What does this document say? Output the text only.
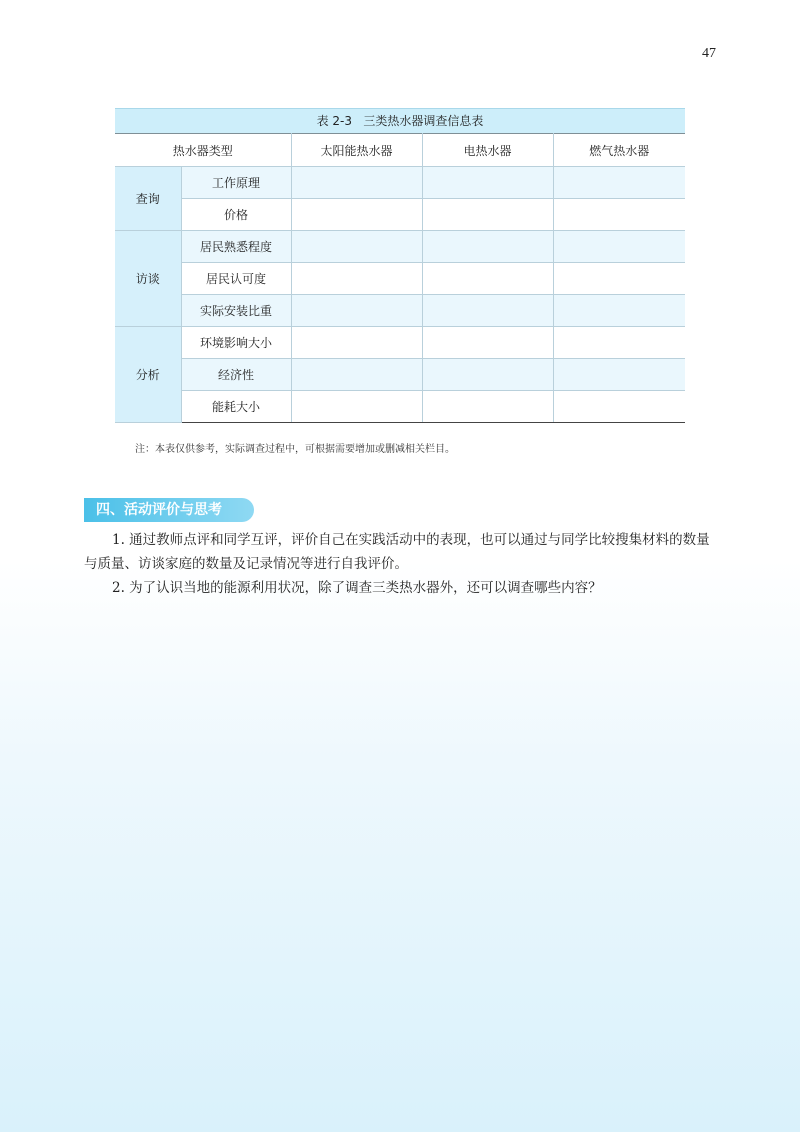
47
表 2-3   三类热水器调查信息表
热水器类型		太阳能热水器	电热水器	燃气热水器
查询	工作原理			
	价格			
访谈	居民熟悉程度			
	居民认可度			
	实际安装比重			
分析	环境影响大小			
	经济性			
	能耗大小			
注：本表仅供参考，实际调查过程中，可根据需要增加或删减相关栏目。
四、活动评价与思考
1. 通过教师点评和同学互评，评价自己在实践活动中的表现，也可以通过与同学比较搜集材料的数量与质量、访谈家庭的数量及记录情况等进行自我评价。
2. 为了认识当地的能源利用状况，除了调查三类热水器外，还可以调查哪些内容？
